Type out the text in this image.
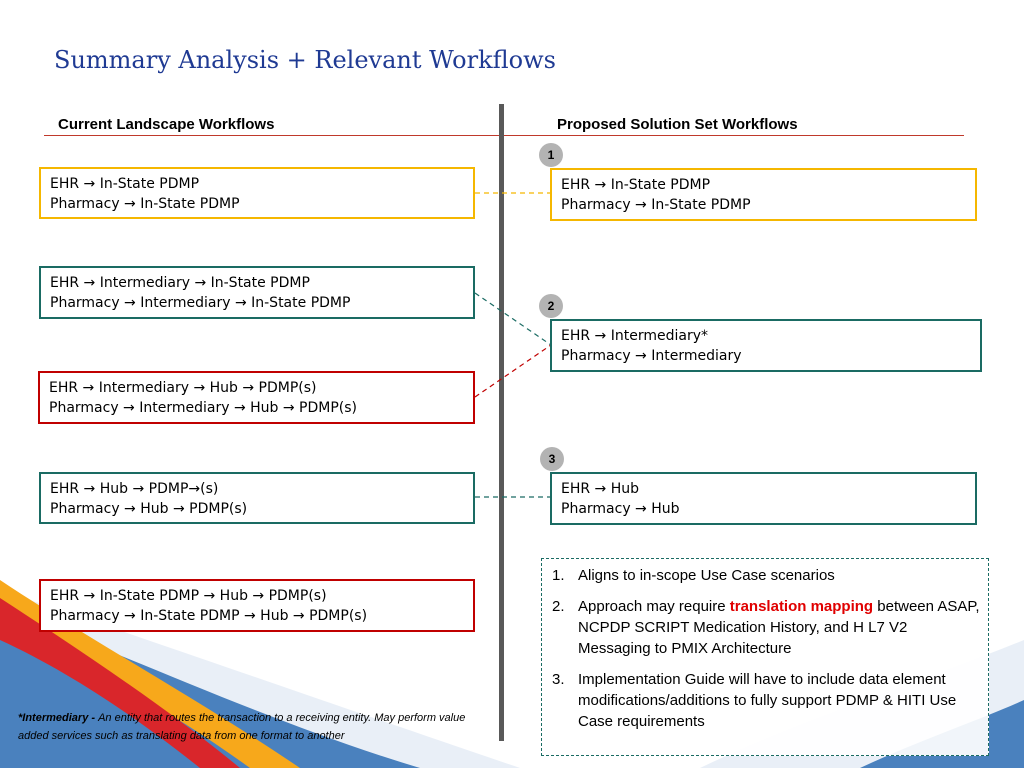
Summary Analysis + Relevant Workflows
Current Landscape Workflows	Proposed Solution Set Workflows
EHR → In-State PDMP
Pharmacy → In-State PDMP
EHR → Intermediary → In-State PDMP
Pharmacy → Intermediary → In-State PDMP
EHR → Intermediary → Hub → PDMP(s)
Pharmacy → Intermediary → Hub → PDMP(s)
EHR → Hub → PDMP→(s)
Pharmacy → Hub → PDMP(s)
EHR → In-State PDMP → Hub → PDMP(s)
Pharmacy → In-State PDMP → Hub → PDMP(s)
1
EHR → In-State PDMP
Pharmacy → In-State PDMP
2
EHR → Intermediary*
Pharmacy → Intermediary
3
EHR → Hub
Pharmacy → Hub
1. Aligns to in-scope Use Case scenarios
2. Approach may require translation mapping between ASAP, NCPDP SCRIPT Medication History, and H L7 V2 Messaging to PMIX Architecture
3. Implementation Guide will have to include data element modifications/additions to fully support PDMP & HITI Use Case requirements
*Intermediary - An entity that routes the transaction to a receiving entity. May perform value added services such as translating data from one format to another
